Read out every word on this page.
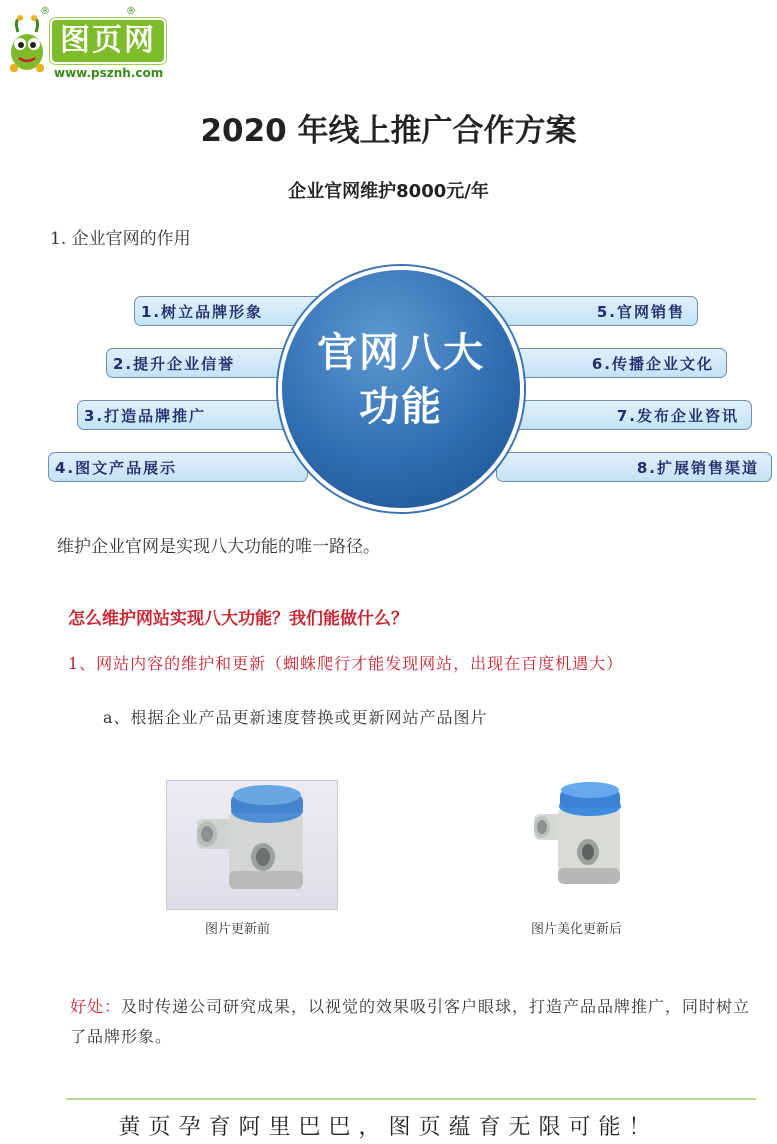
图页网
®	®
www.psznh.com
2020 年线上推广合作方案
企业官网维护8000元/年
1. 企业官网的作用
1.树立品牌形象
2.提升企业信誉
3.打造品牌推广
4.图文产品展示
5.官网销售
6.传播企业文化
7.发布企业咨讯
8.扩展销售渠道
官网八大
功能
维护企业官网是实现八大功能的唯一路径。
怎么维护网站实现八大功能？我们能做什么？
1、网站内容的维护和更新（蜘蛛爬行才能发现网站，出现在百度机遇大）
a、根据企业产品更新速度替换或更新网站产品图片
图片更新前	图片美化更新后
好处：及时传递公司研究成果，以视觉的效果吸引客户眼球，打造产品品牌推广，同时树立了品牌形象。
黄页孕育阿里巴巴，图页蕴育无限可能！
